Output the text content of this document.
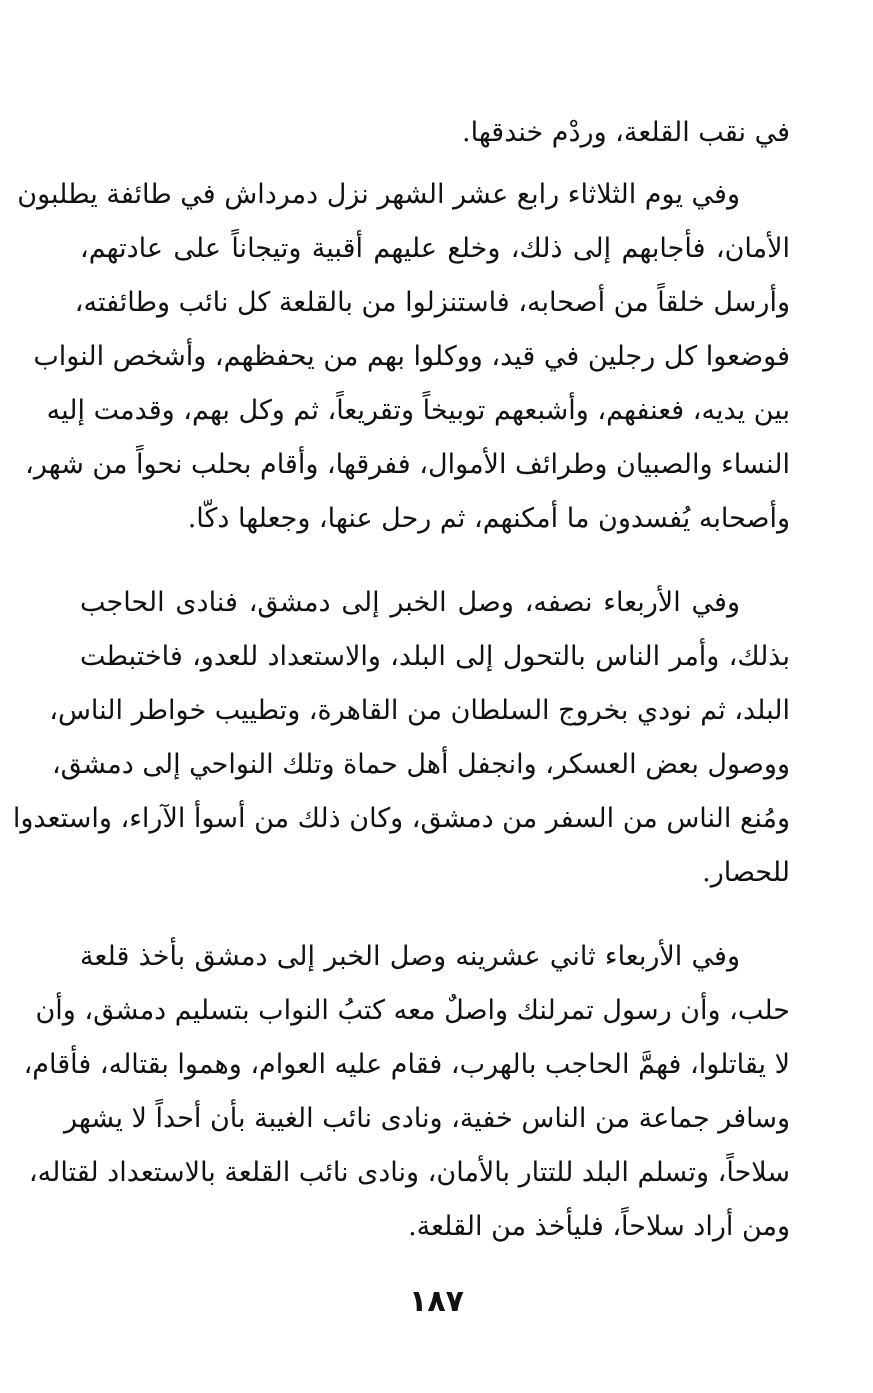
في نقب القلعة، وردْم خندقها.
وفي يوم الثلاثاء رابع عشر الشهر نزل دمرداش في طائفة يطلبون
الأمان، فأجابهم إلى ذلك، وخلع عليهم أقبية وتيجاناً على عادتهم،
وأرسل خلقاً من أصحابه، فاستنزلوا من بالقلعة كل نائب وطائفته،
فوضعوا كل رجلين في قيد، ووكلوا بهم من يحفظهم، وأشخص النواب
بين يديه، فعنفهم، وأشبعهم توبيخاً وتقريعاً، ثم وكل بهم، وقدمت إليه
النساء والصبيان وطرائف الأموال، ففرقها، وأقام بحلب نحواً من شهر،
وأصحابه يُفسدون ما أمكنهم، ثم رحل عنها، وجعلها دكّا.
وفي الأربعاء نصفه، وصل الخبر إلى دمشق، فنادى الحاجب
بذلك، وأمر الناس بالتحول إلى البلد، والاستعداد للعدو، فاختبطت
البلد، ثم نودي بخروج السلطان من القاهرة، وتطييب خواطر الناس،
ووصول بعض العسكر، وانجفل أهل حماة وتلك النواحي إلى دمشق،
ومُنع الناس من السفر من دمشق، وكان ذلك من أسوأ الآراء، واستعدوا
للحصار.
وفي الأربعاء ثاني عشرينه وصل الخبر إلى دمشق بأخذ قلعة
حلب، وأن رسول تمرلنك واصلٌ معه كتبُ النواب بتسليم دمشق، وأن
لا يقاتلوا، فهمَّ الحاجب بالهرب، فقام عليه العوام، وهموا بقتاله، فأقام،
وسافر جماعة من الناس خفية، ونادى نائب الغيبة بأن أحداً لا يشهر
سلاحاً، وتسلم البلد للتتار بالأمان، ونادى نائب القلعة بالاستعداد لقتاله،
ومن أراد سلاحاً، فليأخذ من القلعة.
١٨٧
